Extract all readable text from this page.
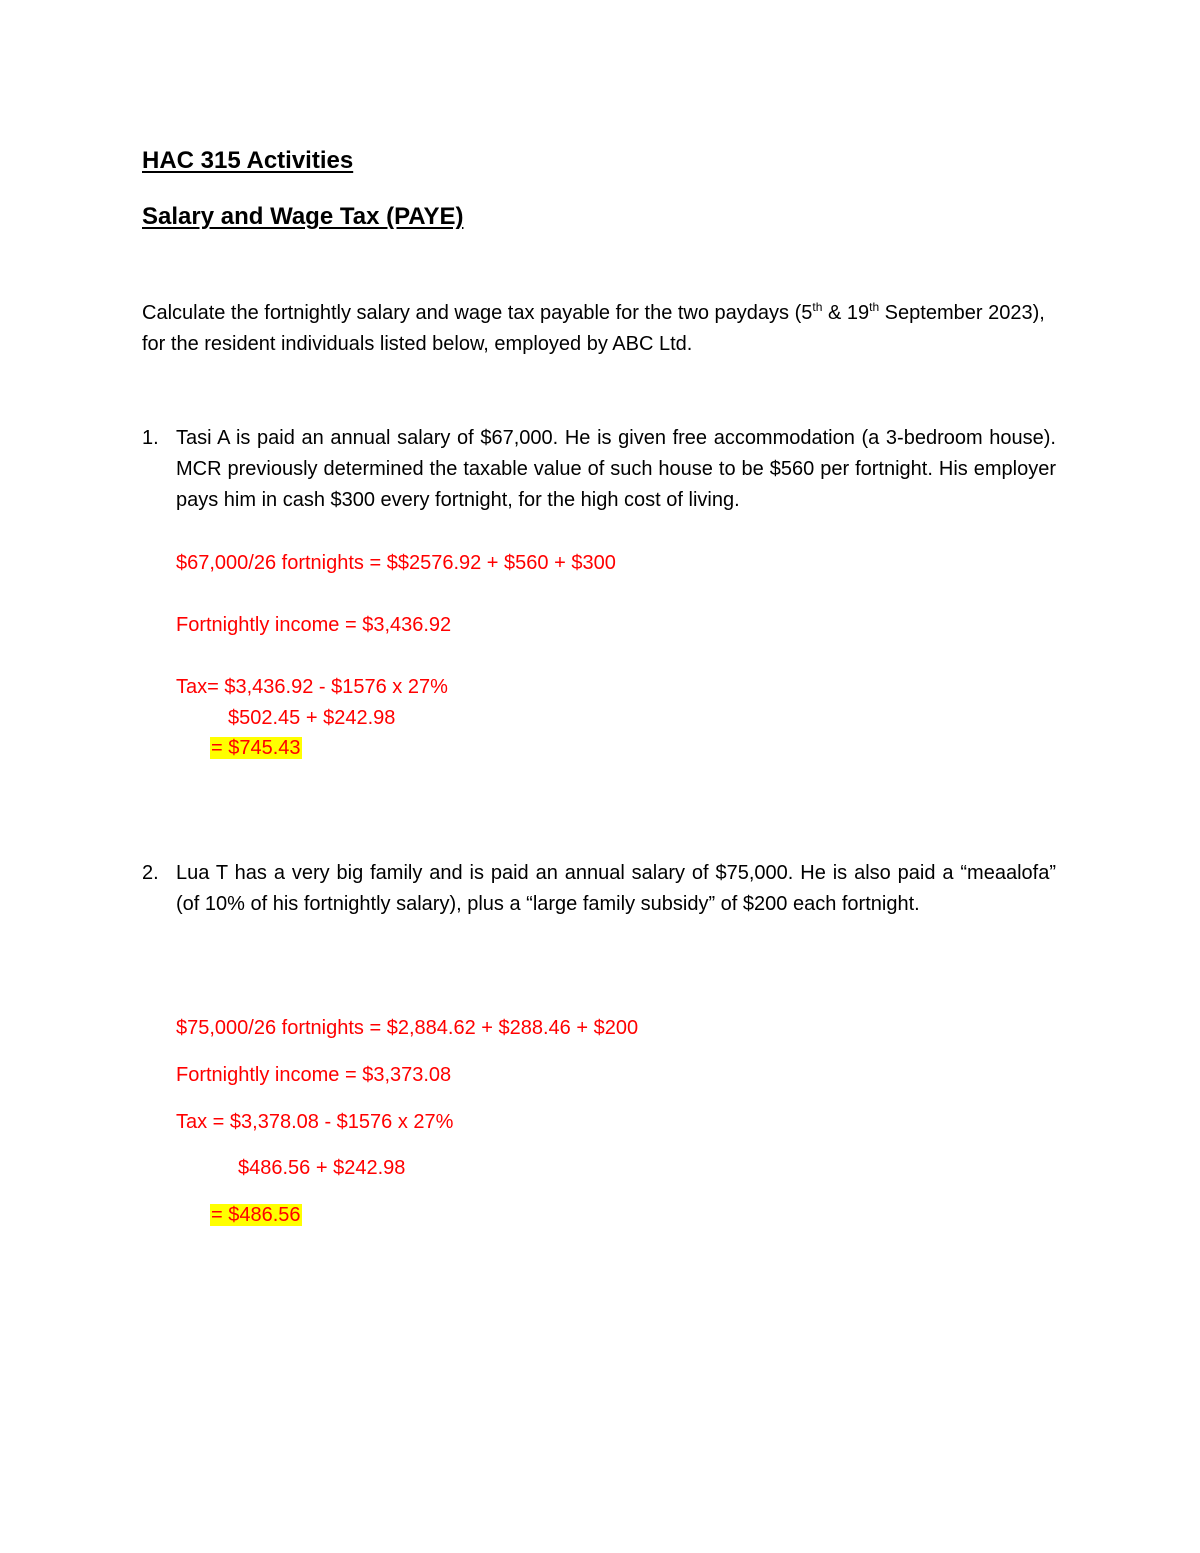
HAC 315 Activities
Salary and Wage Tax (PAYE)
Calculate the fortnightly salary and wage tax payable for the two paydays (5th & 19th September 2023), for the resident individuals listed below, employed by ABC Ltd.
1. Tasi A is paid an annual salary of $67,000. He is given free accommodation (a 3-bedroom house). MCR previously determined the taxable value of such house to be $560 per fortnight. His employer pays him in cash $300 every fortnight, for the high cost of living.
$67,000/26 fortnights = $$2576.92 + $560 + $300
Fortnightly income = $3,436.92
Tax= $3,436.92 - $1576 x 27%
$502.45 + $242.98
= $745.43
2. Lua T has a very big family and is paid an annual salary of $75,000. He is also paid a “meaalofa” (of 10% of his fortnightly salary), plus a “large family subsidy” of $200 each fortnight.
$75,000/26 fortnights = $2,884.62 + $288.46 + $200
Fortnightly income = $3,373.08
Tax = $3,378.08 - $1576 x 27%
$486.56 + $242.98
= $486.56
